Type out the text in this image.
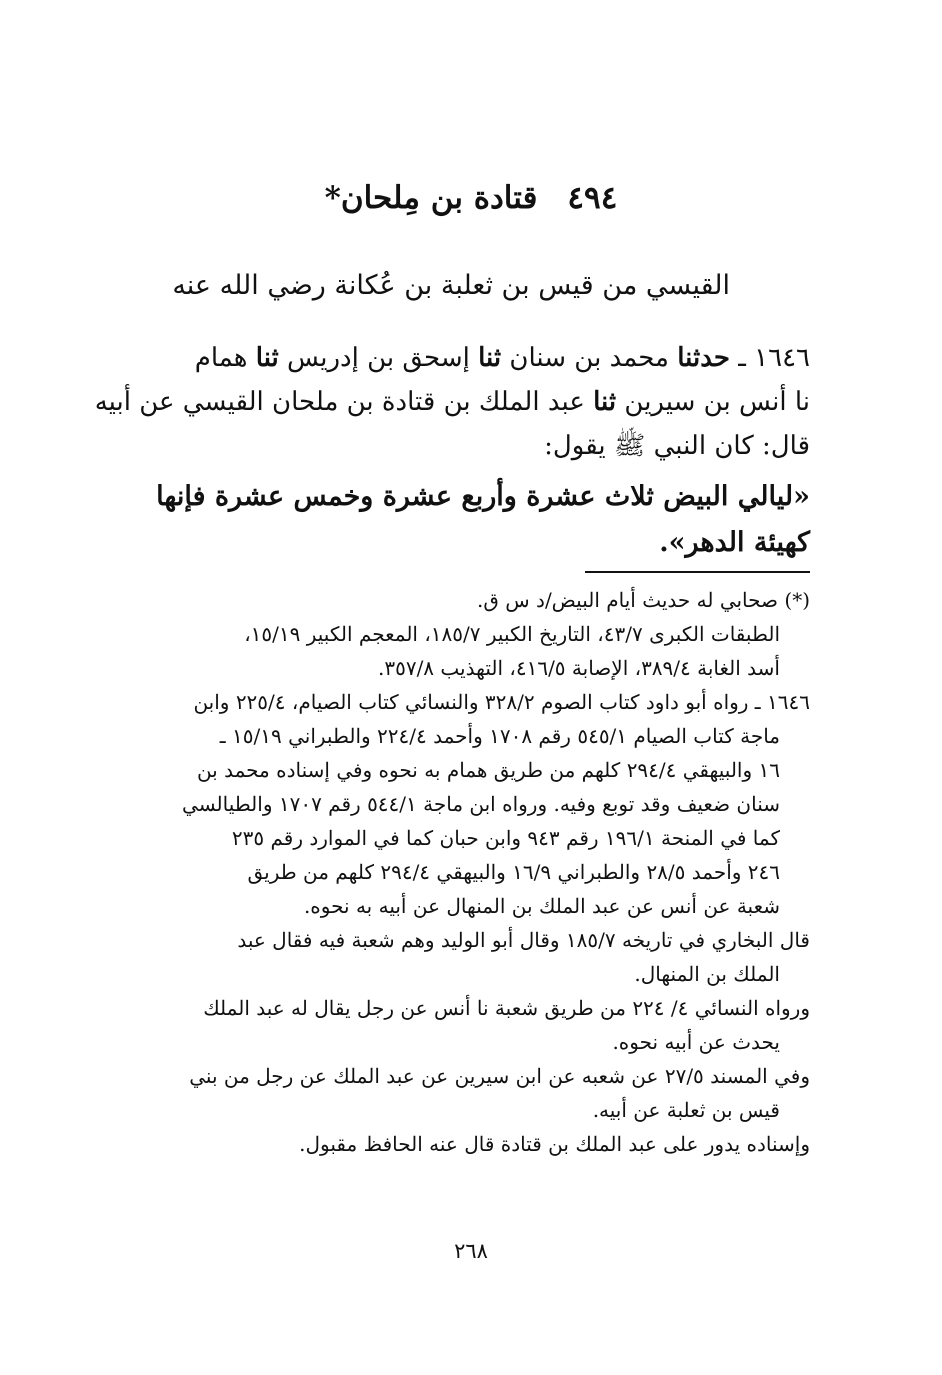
٤٩٤قتادة بن مِلحان*
القيسي من قيس بن ثعلبة بن عُكانة رضي الله عنه
١٦٤٦ ـ حدثنا محمد بن سنان ثنا إسحق بن إدريس ثنا همام
نا أنس بن سيرين ثنا عبد الملك بن قتادة بن ملحان القيسي عن أبيه
قال: كان النبي ﷺ يقول:
«ليالي البيض ثلاث عشرة وأربع عشرة وخمس عشرة فإنها
كهيئة الدهر».
(*) صحابي له حديث أيام البيض/د س ق.
الطبقات الكبرى ٤٣/٧، التاريخ الكبير ١٨٥/٧، المعجم الكبير ١٥/١٩،
أسد الغابة ٣٨٩/٤، الإصابة ٤١٦/٥، التهذيب ٣٥٧/٨.
١٦٤٦ ـ رواه أبو داود كتاب الصوم ٣٢٨/٢ والنسائي كتاب الصيام، ٢٢٥/٤ وابن
ماجة كتاب الصيام ٥٤٥/١ رقم ١٧٠٨ وأحمد ٢٢٤/٤ والطبراني ١٥/١٩ ـ
١٦ والبيهقي ٢٩٤/٤ كلهم من طريق همام به نحوه وفي إسناده محمد بن
سنان ضعيف وقد توبع وفيه. ورواه ابن ماجة ٥٤٤/١ رقم ١٧٠٧ والطيالسي
كما في المنحة ١٩٦/١ رقم ٩٤٣ وابن حبان كما في الموارد رقم ٢٣٥
٢٤٦ وأحمد ٢٨/٥ والطبراني ١٦/٩ والبيهقي ٢٩٤/٤ كلهم من طريق
شعبة عن أنس عن عبد الملك بن المنهال عن أبيه به نحوه.
قال البخاري في تاريخه ١٨٥/٧ وقال أبو الوليد وهم شعبة فيه فقال عبد
الملك بن المنهال.
ورواه النسائي ٤/ ٢٢٤ من طريق شعبة نا أنس عن رجل يقال له عبد الملك
يحدث عن أبيه نحوه.
وفي المسند ٢٧/٥ عن شعبه عن ابن سيرين عن عبد الملك عن رجل من بني
قيس بن ثعلبة عن أبيه.
وإسناده يدور على عبد الملك بن قتادة قال عنه الحافظ مقبول.
٢٦٨
